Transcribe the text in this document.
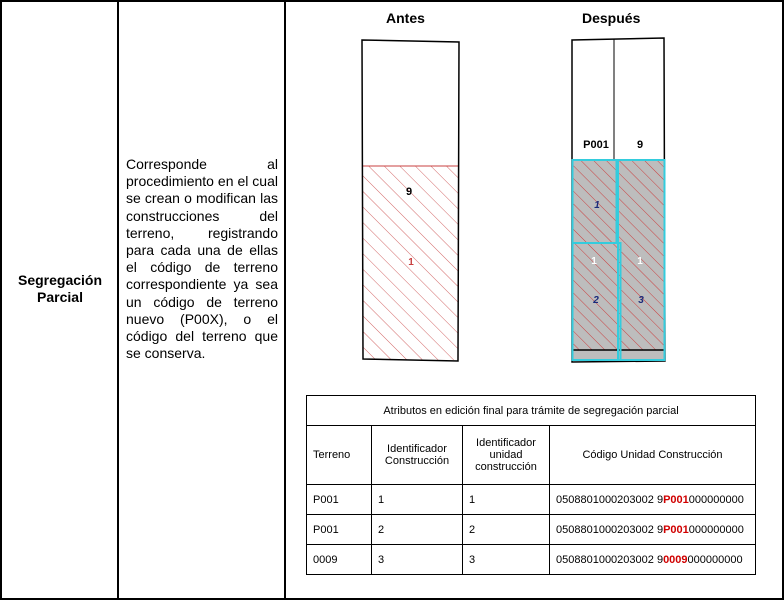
Segregación
Parcial
Corresponde al procedimiento en el cual se crean o modifican las construcciones del terreno, registrando para cada una de ellas el código de terreno correspondiente ya sea un código de terreno nuevo (P00X), o el código del terreno que se conserva.
Antes	Después
9
1
P001	9
1
1
2
1
3
Atributos en edición final para trámite de segregación parcial			
Terreno	Identificador Construcción	Identificador unidad construcción	Código Unidad Construcción
P001	1	1	0508801000203002 9P001000000000
P001	2	2	0508801000203002 9P001000000000
0009	3	3	0508801000203002 90009000000000
